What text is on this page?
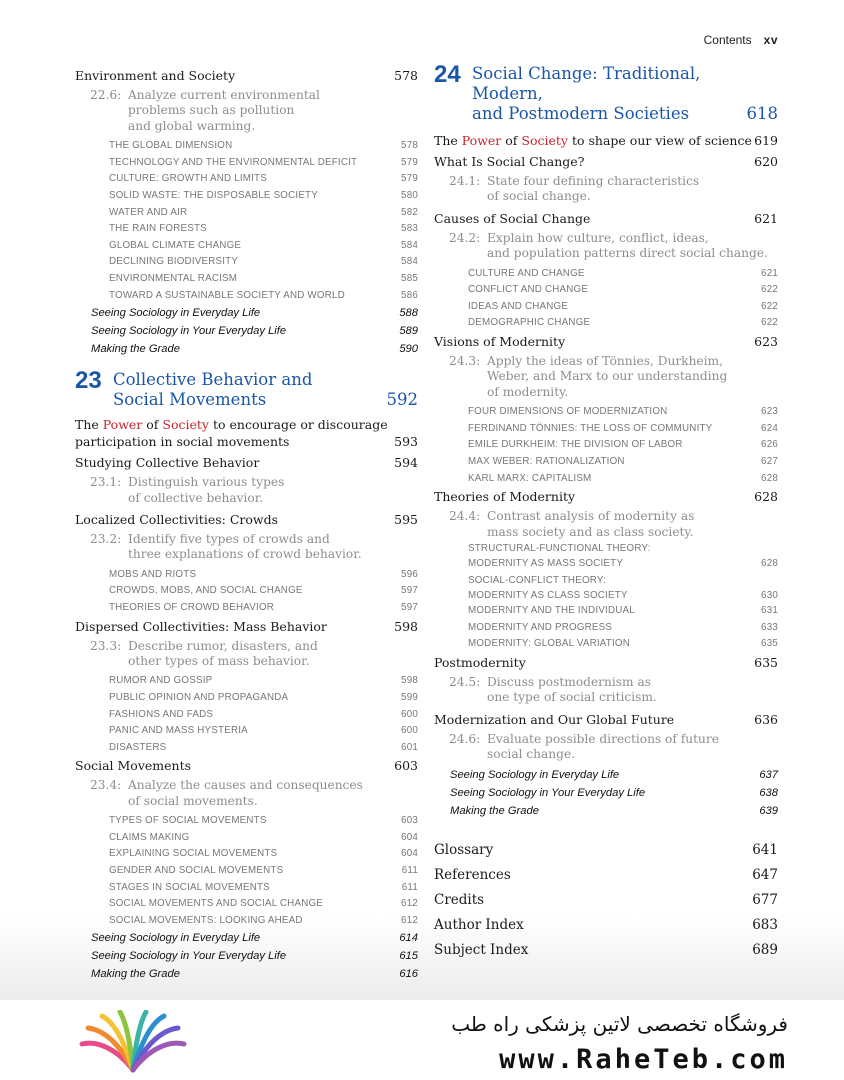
Contents xv
Environment and Society	578
22.6: Analyze current environmental
problems such as pollution
and global warming.
THE GLOBAL DIMENSION	578
TECHNOLOGY AND THE ENVIRONMENTAL DEFICIT	579
CULTURE: GROWTH AND LIMITS	579
SOLID WASTE: THE DISPOSABLE SOCIETY	580
WATER AND AIR	582
THE RAIN FORESTS	583
GLOBAL CLIMATE CHANGE	584
DECLINING BIODIVERSITY	584
ENVIRONMENTAL RACISM	585
TOWARD A SUSTAINABLE SOCIETY AND WORLD	586
Seeing Sociology in Everyday Life	588
Seeing Sociology in Your Everyday Life	589
Making the Grade	590
23 Collective Behavior and
Social Movements	592
The Power of Society to encourage or discourage
participation in social movements	593
Studying Collective Behavior	594
23.1: Distinguish various types
of collective behavior.
Localized Collectivities: Crowds	595
23.2: Identify five types of crowds and
three explanations of crowd behavior.
MOBS AND RIOTS	596
CROWDS, MOBS, AND SOCIAL CHANGE	597
THEORIES OF CROWD BEHAVIOR	597
Dispersed Collectivities: Mass Behavior	598
23.3: Describe rumor, disasters, and
other types of mass behavior.
RUMOR AND GOSSIP	598
PUBLIC OPINION AND PROPAGANDA	599
FASHIONS AND FADS	600
PANIC AND MASS HYSTERIA	600
DISASTERS	601
Social Movements	603
23.4: Analyze the causes and consequences
of social movements.
TYPES OF SOCIAL MOVEMENTS	603
CLAIMS MAKING	604
EXPLAINING SOCIAL MOVEMENTS	604
GENDER AND SOCIAL MOVEMENTS	611
STAGES IN SOCIAL MOVEMENTS	611
SOCIAL MOVEMENTS AND SOCIAL CHANGE	612
SOCIAL MOVEMENTS: LOOKING AHEAD	612
Seeing Sociology in Everyday Life	614
Seeing Sociology in Your Everyday Life	615
Making the Grade	616
24 Social Change: Traditional, Modern,
and Postmodern Societies	618
The Power of Society to shape our view of science 619
What Is Social Change?	620
24.1: State four defining characteristics
of social change.
Causes of Social Change	621
24.2: Explain how culture, conflict, ideas,
and population patterns direct social change.
CULTURE AND CHANGE	621
CONFLICT AND CHANGE	622
IDEAS AND CHANGE	622
DEMOGRAPHIC CHANGE	622
Visions of Modernity	623
24.3: Apply the ideas of Tönnies, Durkheim,
Weber, and Marx to our understanding
of modernity.
FOUR DIMENSIONS OF MODERNIZATION	623
FERDINAND TÖNNIES: THE LOSS OF COMMUNITY	624
EMILE DURKHEIM: THE DIVISION OF LABOR	626
MAX WEBER: RATIONALIZATION	627
KARL MARX: CAPITALISM	628
Theories of Modernity	628
24.4: Contrast analysis of modernity as
mass society and as class society.
STRUCTURAL-FUNCTIONAL THEORY:
MODERNITY AS MASS SOCIETY	628
SOCIAL-CONFLICT THEORY:
MODERNITY AS CLASS SOCIETY	630
MODERNITY AND THE INDIVIDUAL	631
MODERNITY AND PROGRESS	633
MODERNITY: GLOBAL VARIATION	635
Postmodernity	635
24.5: Discuss postmodernism as
one type of social criticism.
Modernization and Our Global Future	636
24.6: Evaluate possible directions of future
social change.
Seeing Sociology in Everyday Life	637
Seeing Sociology in Your Everyday Life	638
Making the Grade	639
Glossary	641
References	647
Credits	677
Author Index	683
Subject Index	689
فروشگاه تخصصی لاتین پزشکی راه طب
www.RaheTeb.com
